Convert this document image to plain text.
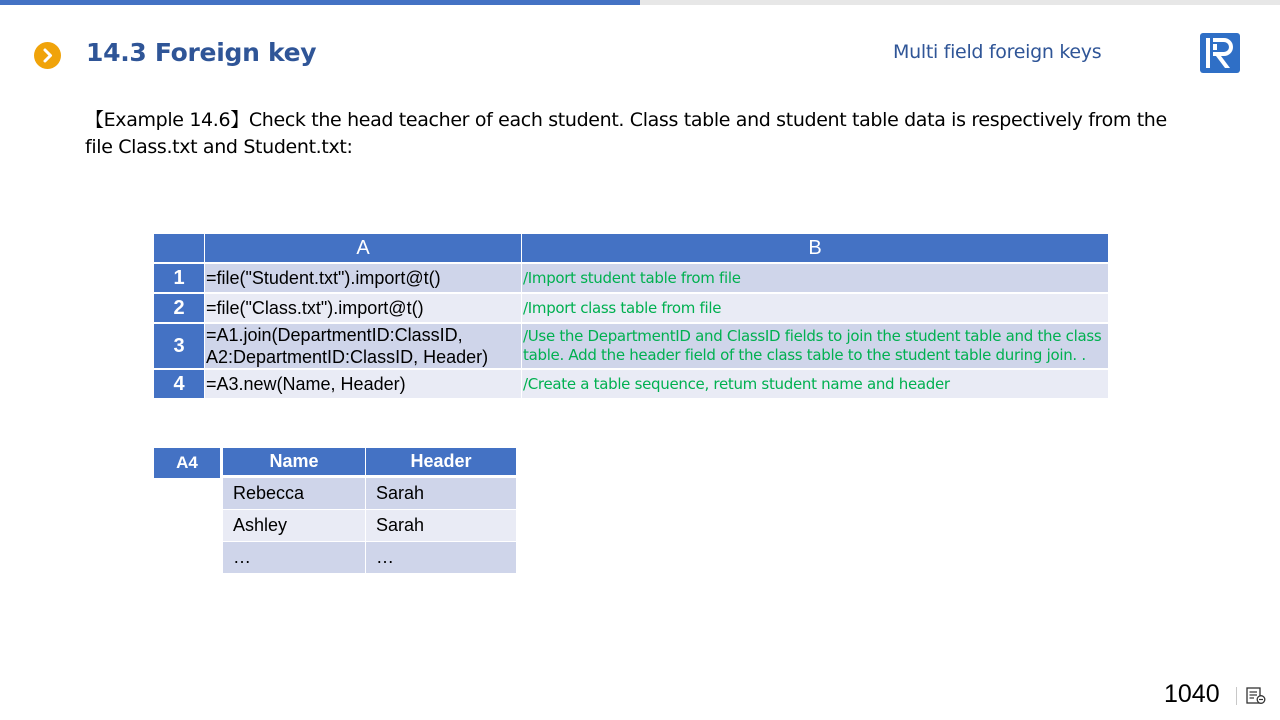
14.3 Foreign key	Multi field foreign keys
【Example 14.6】Check the head teacher of each student. Class table and student table data is respectively from the file Class.txt and Student.txt:
	A	B
1	=file("Student.txt").import@t()	/Import student table from file
2	=file("Class.txt").import@t()	/Import class table from file
3	=A1.join(DepartmentID:ClassID, A2:DepartmentID:ClassID, Header)	/Use the DepartmentID and ClassID fields to join the student table and the class table. Add the header field of the class table to the student table during join. .
4	=A3.new(Name, Header)	/Create a table sequence, retum student name and header
A4	Name	Header
Rebecca	Sarah
Ashley	Sarah
…	…
1040
